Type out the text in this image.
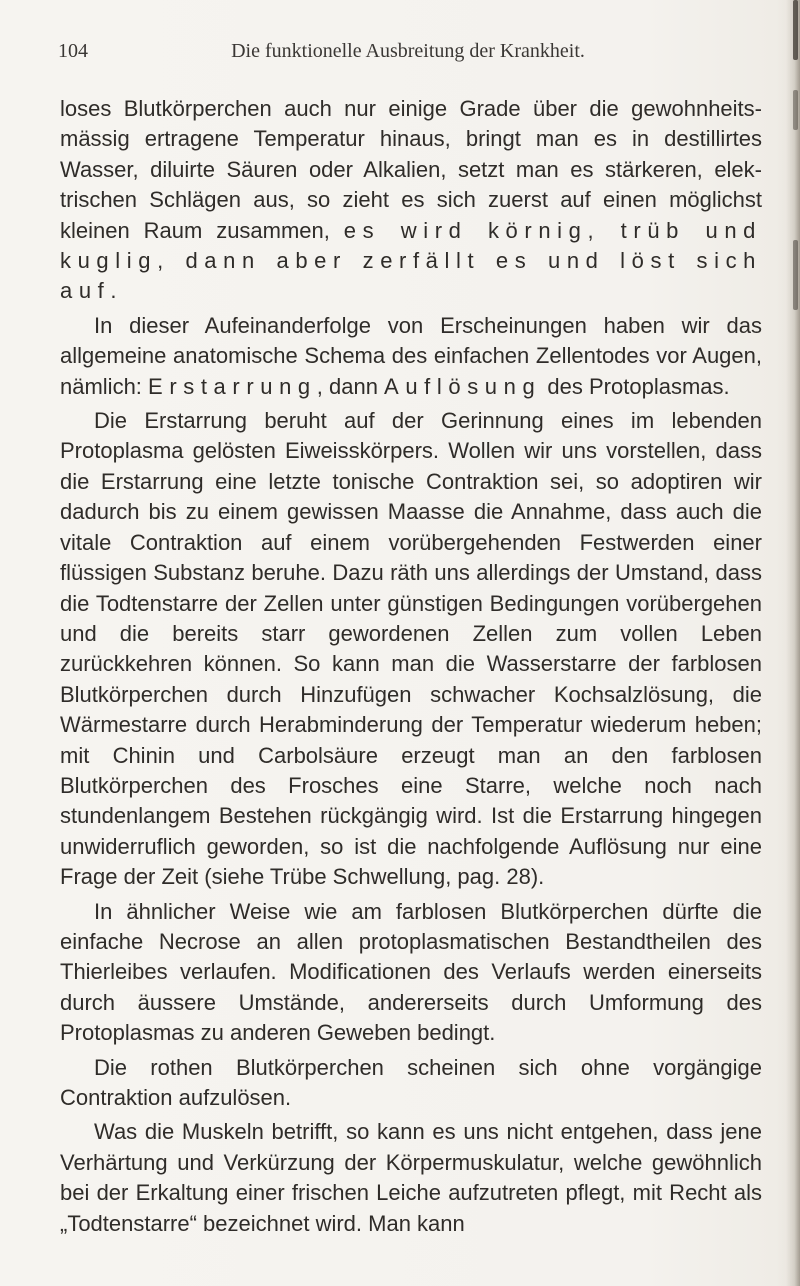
104	Die funktionelle Ausbreitung der Krankheit.

loses Blutkörperchen auch nur einige Grade über die gewohnheitsmässig ertragene Temperatur hinaus, bringt man es in destillirtes Wasser, diluirte Säuren oder Alkalien, setzt man es stärkeren, elektrischen Schlägen aus, so zieht es sich zuerst auf einen möglichst kleinen Raum zusammen, es wird körnig, trüb und kuglig, dann aber zerfällt es und löst sich auf.

In dieser Aufeinanderfolge von Erscheinungen haben wir das allgemeine anatomische Schema des einfachen Zellentodes vor Augen, nämlich: Erstarrung, dann Auflösung des Protoplasmas.

Die Erstarrung beruht auf der Gerinnung eines im lebenden Protoplasma gelösten Eiweisskörpers. Wollen wir uns vorstellen, dass die Erstarrung eine letzte tonische Contraktion sei, so adoptiren wir dadurch bis zu einem gewissen Maasse die Annahme, dass auch die vitale Contraktion auf einem vorübergehenden Festwerden einer flüssigen Substanz beruhe. Dazu räth uns allerdings der Umstand, dass die Todtenstarre der Zellen unter günstigen Bedingungen vorübergehen und die bereits starr gewordenen Zellen zum vollen Leben zurückkehren können. So kann man die Wasserstarre der farblosen Blutkörperchen durch Hinzufügen schwacher Kochsalzlösung, die Wärmestarre durch Herabminderung der Temperatur wiederum heben; mit Chinin und Carbolsäure erzeugt man an den farblosen Blutkörperchen des Frosches eine Starre, welche noch nach stundenlangem Bestehen rückgängig wird. Ist die Erstarrung hingegen unwiderruflich geworden, so ist die nachfolgende Auflösung nur eine Frage der Zeit (siehe Trübe Schwellung, pag. 28).

In ähnlicher Weise wie am farblosen Blutkörperchen dürfte die einfache Necrose an allen protoplasmatischen Bestandtheilen des Thierleibes verlaufen. Modificationen des Verlaufs werden einerseits durch äussere Umstände, andererseits durch Umformung des Protoplasmas zu anderen Geweben bedingt.

Die rothen Blutkörperchen scheinen sich ohne vorgängige Contraktion aufzulösen.

Was die Muskeln betrifft, so kann es uns nicht entgehen, dass jene Verhärtung und Verkürzung der Körpermuskulatur, welche gewöhnlich bei der Erkaltung einer frischen Leiche aufzutreten pflegt, mit Recht als „Todtenstarre“ bezeichnet wird. Man kann
